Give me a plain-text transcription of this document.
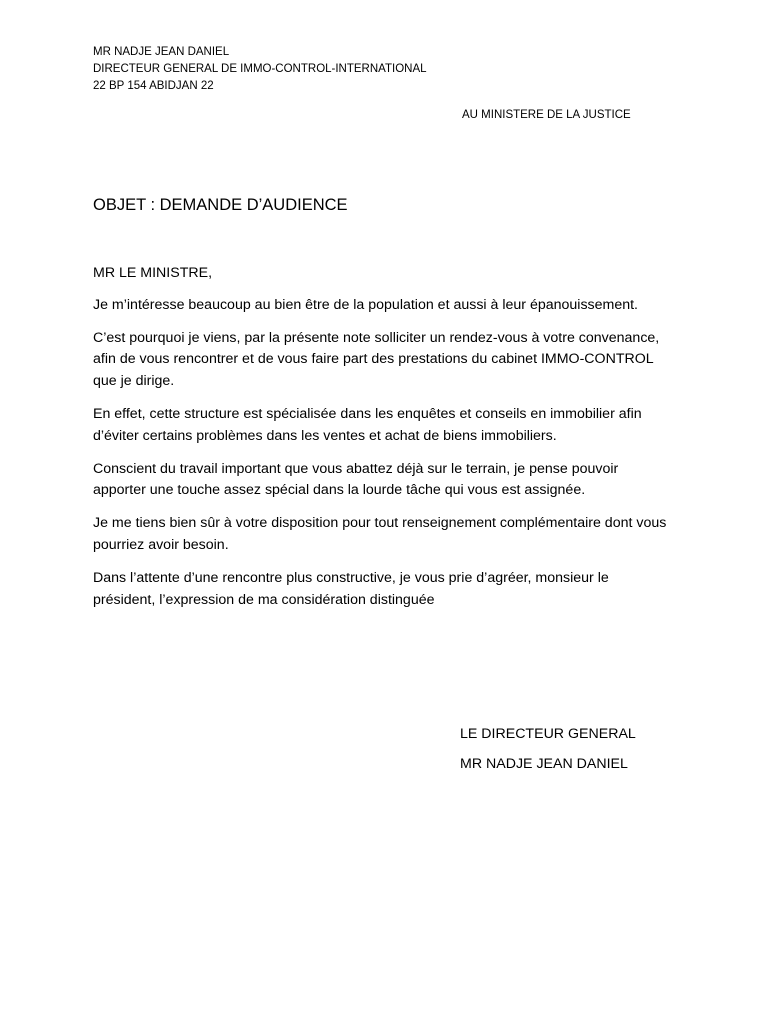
MR NADJE JEAN DANIEL
DIRECTEUR GENERAL DE IMMO-CONTROL-INTERNATIONAL
22 BP 154 ABIDJAN 22
AU MINISTERE DE LA JUSTICE
OBJET : DEMANDE D’AUDIENCE

MR LE MINISTRE,

Je m’intéresse beaucoup au bien être de la population et aussi à leur épanouissement.

C’est pourquoi je viens, par la présente note solliciter un rendez-vous à votre convenance, afin de vous rencontrer et de vous faire part des prestations du cabinet IMMO-CONTROL que je dirige.

En effet, cette structure est spécialisée dans les enquêtes et conseils en immobilier afin d’éviter certains problèmes dans les ventes et achat de biens immobiliers.

Conscient du travail important que vous abattez déjà sur le terrain, je pense pouvoir apporter une touche assez spécial dans la lourde tâche qui vous est assignée.

Je me tiens bien sûr à votre disposition pour tout renseignement complémentaire dont vous pourriez avoir besoin.

Dans l’attente d’une rencontre plus constructive, je vous prie d’agréer, monsieur le président, l’expression de ma considération distinguée

LE DIRECTEUR GENERAL
MR NADJE JEAN DANIEL
